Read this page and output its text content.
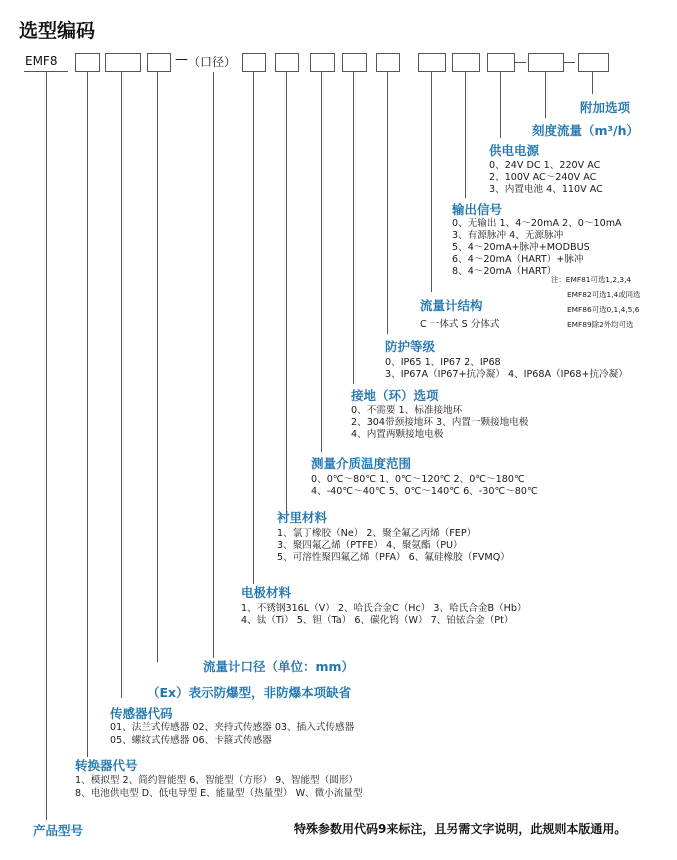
选型编码
EMF8	— （口径）
附加选项
刻度流量（m³/h）
供电电源
0、24V DC 1、220V AC
2、100V AC～240V AC
3、内置电池 4、110V AC
输出信号
0、无输出 1、4～20mA 2、0～10mA
3、有源脉冲 4、无源脉冲
5、4～20mA+脉冲+MODBUS
6、4～20mA（HART）+脉冲
8、4～20mA（HART）
注：EMF81可选1,2,3,4
EMF82可选1,4或同选
EMF86可选0,1,4,5,6
EMF89除2外均可选
流量计结构
C 一体式 S 分体式
防护等级
0、IP65 1、IP67 2、IP68
3、IP67A（IP67+抗冷凝） 4、IP68A（IP68+抗冷凝）
接地（环）选项
0、不需要 1、标准接地环
2、304带颈接地环 3、内置一颗接地电极
4、内置两颗接地电极
测量介质温度范围
0、0℃～80℃ 1、0℃～120℃ 2、0℃～180℃
4、-40℃～40℃ 5、0℃～140℃ 6、-30℃～80℃
衬里材料
1、氯丁橡胶（Ne） 2、聚全氟乙丙烯（FEP）
3、聚四氟乙烯（PTFE） 4、聚氨酯（PU）
5、可溶性聚四氟乙烯（PFA） 6、氟硅橡胶（FVMQ）
电极材料
1、不锈钢316L（V） 2、哈氏合金C（Hc） 3、哈氏合金B（Hb）
4、钛（Ti） 5、钽（Ta） 6、碳化钨（W） 7、铂铱合金（Pt）
流量计口径（单位：mm）
（Ex）表示防爆型，非防爆本项缺省
传感器代码
01、法兰式传感器 02、夹持式传感器 03、插入式传感器
05、螺纹式传感器 06、卡箍式传感器
转换器代号
1、模拟型 2、简约智能型 6、智能型（方形） 9、智能型（圆形）
8、电池供电型 D、低电导型 E、能量型（热量型） W、微小流量型
产品型号	特殊参数用代码9来标注，且另需文字说明，此规则本版通用。
